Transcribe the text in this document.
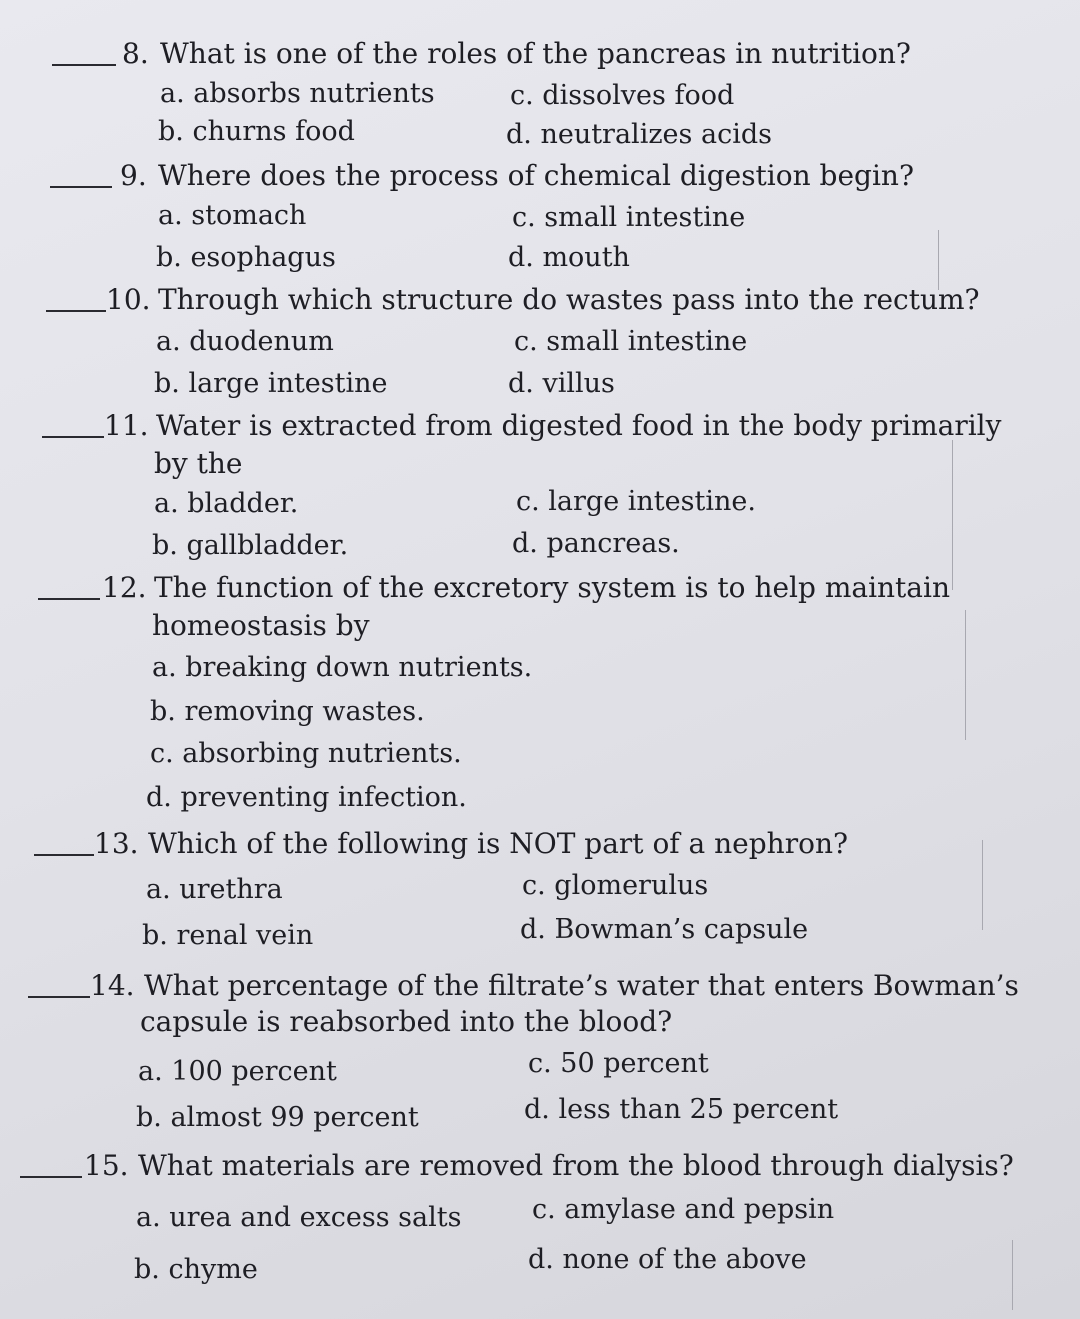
8. What is one of the roles of the pancreas in nutrition?
a. absorbs nutrients	c. dissolves food
b. churns food	d. neutralizes acids
9. Where does the process of chemical digestion begin?
a. stomach	c. small intestine
b. esophagus	d. mouth
10. Through which structure do wastes pass into the rectum?
a. duodenum	c. small intestine
b. large intestine	d. villus
11. Water is extracted from digested food in the body primarily
by the
a. bladder.	c. large intestine.
b. gallbladder.	d. pancreas.
12. The function of the excretory system is to help maintain
homeostasis by
a. breaking down nutrients.
b. removing wastes.
c. absorbing nutrients.
d. preventing infection.
13. Which of the following is NOT part of a nephron?
a. urethra	c. glomerulus
b. renal vein	d. Bowman’s capsule
14. What percentage of the filtrate’s water that enters Bowman’s
capsule is reabsorbed into the blood?
a. 100 percent	c. 50 percent
b. almost 99 percent	d. less than 25 percent
15. What materials are removed from the blood through dialysis?
a. urea and excess salts	c. amylase and pepsin
b. chyme	d. none of the above
